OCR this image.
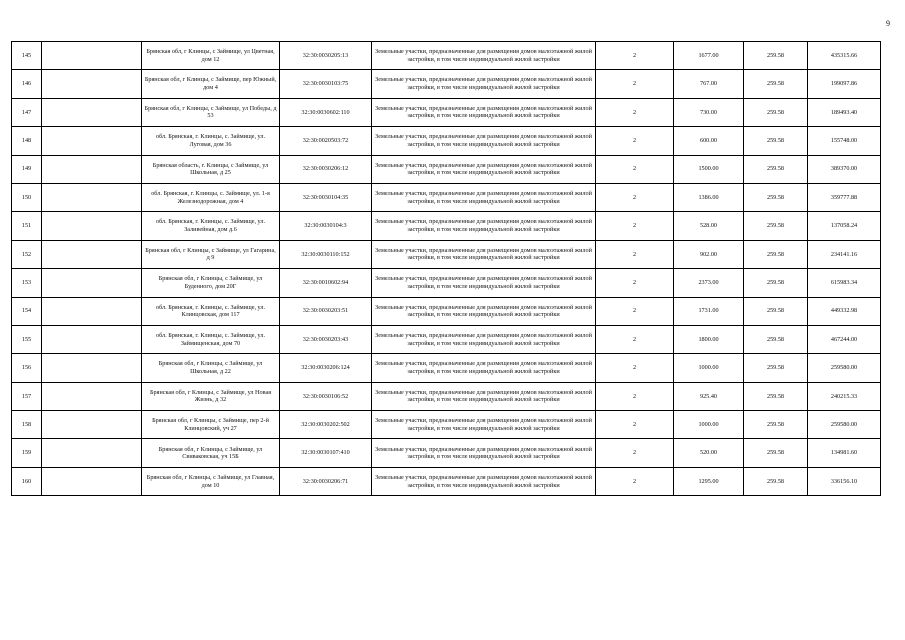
9
145		Брянская обл, г Клинцы, с Займище, ул Цветная, дом 12	32:30:0030205:13	Земельные участки, предназначенные для размещения домов малоэтажной жилой застройки, в том числе индивидуальной жилой застройки	2	1677.00	259.58	435315.66
146		Брянская обл, г Клинцы, с Займище, пер Южный, дом 4	32:30:0030103:75	Земельные участки, предназначенные для размещения домов малоэтажной жилой застройки, в том числе индивидуальной жилой застройки	2	767.00	259.58	199097.86
147		Брянская обл, г Клинцы, с Займище, ул Победы, д 53	32:30:0030602:110	Земельные участки, предназначенные для размещения домов малоэтажной жилой застройки, в том числе индивидуальной жилой застройки	2	730.00	259.58	189493.40
148		обл. Брянская, г. Клинцы, с. Займище, ул. Луговая, дом 36	32:30:0020503:72	Земельные участки, предназначенные для размещения домов малоэтажной жилой застройки, в том числе индивидуальной жилой застройки	2	600.00	259.58	155748.00
149		Брянская область, г. Клинцы, с Займище, ул Школьная, д 25	32:30:0030206:12	Земельные участки, предназначенные для размещения домов малоэтажной жилой застройки, в том числе индивидуальной жилой застройки	2	1500.00	259.58	389370.00
150		обл. Брянская, г. Клинцы, с. Займище, ул. 1-я Железнодорожная, дом 4	32:30:0030104:35	Земельные участки, предназначенные для размещения домов малоэтажной жилой застройки, в том числе индивидуальной жилой застройки	2	1386.00	259.58	359777.88
151		обл. Брянская, г. Клинцы, с. Займище, ул. Заливейная, дом д.6	32:30:0030104:3	Земельные участки, предназначенные для размещения домов малоэтажной жилой застройки, в том числе индивидуальной жилой застройки	2	528.00	259.58	137058.24
152		Брянская обл, г Клинцы, с Займище, ул Гагарина, д 9	32:30:0030110:152	Земельные участки, предназначенные для размещения домов малоэтажной жилой застройки, в том числе индивидуальной жилой застройки	2	902.00	259.58	234141.16
153		Брянская обл, г Клинцы, с Займище, ул Буденного, дом 20Г	32:30:0010602:94	Земельные участки, предназначенные для размещения домов малоэтажной жилой застройки, в том числе индивидуальной жилой застройки	2	2373.00	259.58	615983.34
154		обл. Брянская, г. Клинцы, с. Займище, ул. Клинцовская, дом 117	32:30:0030203:51	Земельные участки, предназначенные для размещения домов малоэтажной жилой застройки, в том числе индивидуальной жилой застройки	2	1731.00	259.58	449332.98
155		обл. Брянская, г. Клинцы, с. Займище, ул. Займищенская, дом 70	32:30:0030203:43	Земельные участки, предназначенные для размещения домов малоэтажной жилой застройки, в том числе индивидуальной жилой застройки	2	1800.00	259.58	467244.00
156		Брянская обл, г Клинцы, с Займище, ул Школьная, д 22	32:30:0030206:124	Земельные участки, предназначенные для размещения домов малоэтажной жилой застройки, в том числе индивидуальной жилой застройки	2	1000.00	259.58	259580.00
157		Брянская обл, г Клинцы, с Займище, ул Новая Жизнь, д 32	32:30:0030106:52	Земельные участки, предназначенные для размещения домов малоэтажной жилой застройки, в том числе индивидуальной жилой застройки	2	925.40	259.58	240215.33
158		Брянская обл, г Клинцы, с Займище, пер 2-й Клинцовский, уч 27	32:30:0030202:502	Земельные участки, предназначенные для размещения домов малоэтажной жилой застройки, в том числе индивидуальной жилой застройки	2	1000.00	259.58	259580.00
159		Брянская обл, г Клинцы, с Займище, ул Свиваковская, уч 15Б	32:30:0030107:410	Земельные участки, предназначенные для размещения домов малоэтажной жилой застройки, в том числе индивидуальной жилой застройки	2	520.00	259.58	134981.60
160		Брянская обл, г Клинцы, с Займище, ул Главная, дом 10	32:30:0030206:71	Земельные участки, предназначенные для размещения домов малоэтажной жилой застройки, в том числе индивидуальной жилой застройки	2	1295.00	259.58	336156.10
